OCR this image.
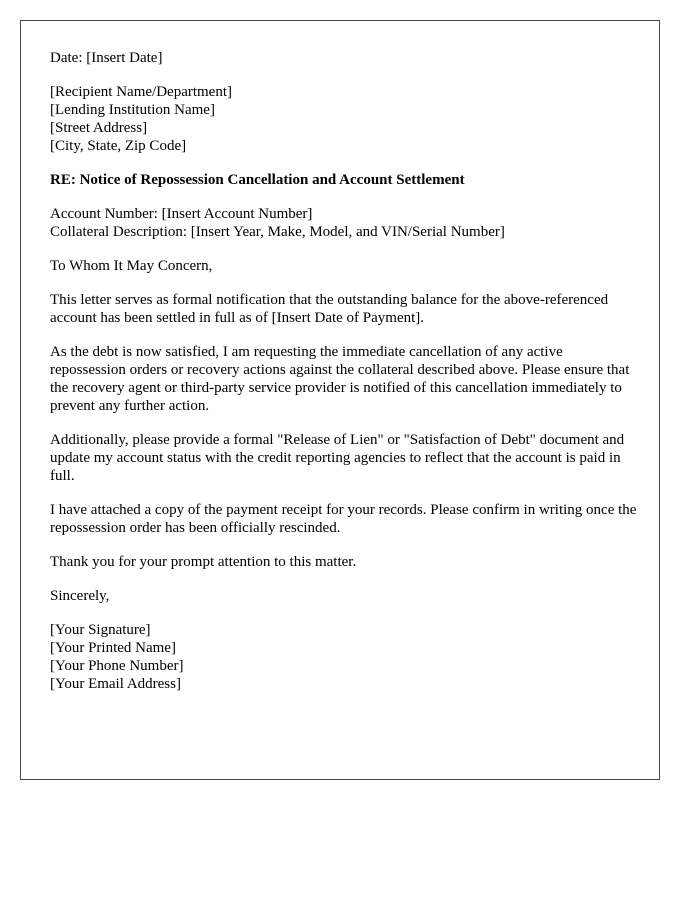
Date: [Insert Date]

[Recipient Name/Department]
[Lending Institution Name]
[Street Address]
[City, State, Zip Code]

RE: Notice of Repossession Cancellation and Account Settlement

Account Number: [Insert Account Number]
Collateral Description: [Insert Year, Make, Model, and VIN/Serial Number]

To Whom It May Concern,

This letter serves as formal notification that the outstanding balance for the above-referenced account has been settled in full as of [Insert Date of Payment].

As the debt is now satisfied, I am requesting the immediate cancellation of any active repossession orders or recovery actions against the collateral described above. Please ensure that the recovery agent or third-party service provider is notified of this cancellation immediately to prevent any further action.

Additionally, please provide a formal "Release of Lien" or "Satisfaction of Debt" document and update my account status with the credit reporting agencies to reflect that the account is paid in full.

I have attached a copy of the payment receipt for your records. Please confirm in writing once the repossession order has been officially rescinded.

Thank you for your prompt attention to this matter.

Sincerely,

[Your Signature]
[Your Printed Name]
[Your Phone Number]
[Your Email Address]
